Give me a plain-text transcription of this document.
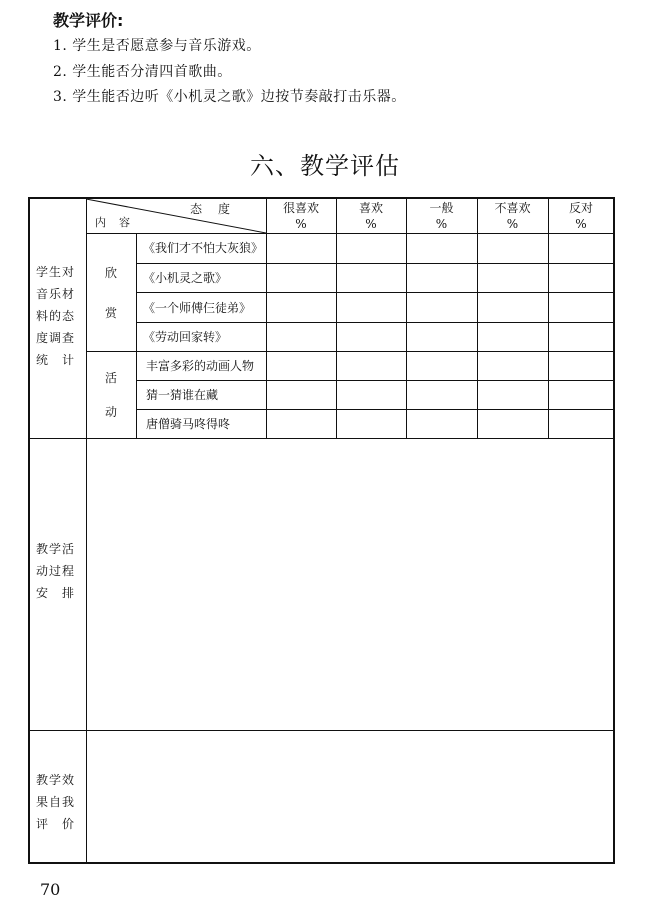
教学评价:
1. 学生是否愿意参与音乐游戏。
2. 学生能否分清四首歌曲。
3. 学生能否边听《小机灵之歌》边按节奏敲打击乐器。
六、教学评估
态　度
内　容
很喜欢
%
喜欢
%
一般
%
不喜欢
%
反对
%
学生对
音乐材
料的态
度调查
统　计
欣
赏
活
动
《我们才不怕大灰狼》
《小机灵之歌》
《一个师傅仨徒弟》
《劳动回家转》
丰富多彩的动画人物
猜一猜谁在藏
唐僧骑马咚得咚
教学活
动过程
安　排
教学效
果自我
评　价
70
